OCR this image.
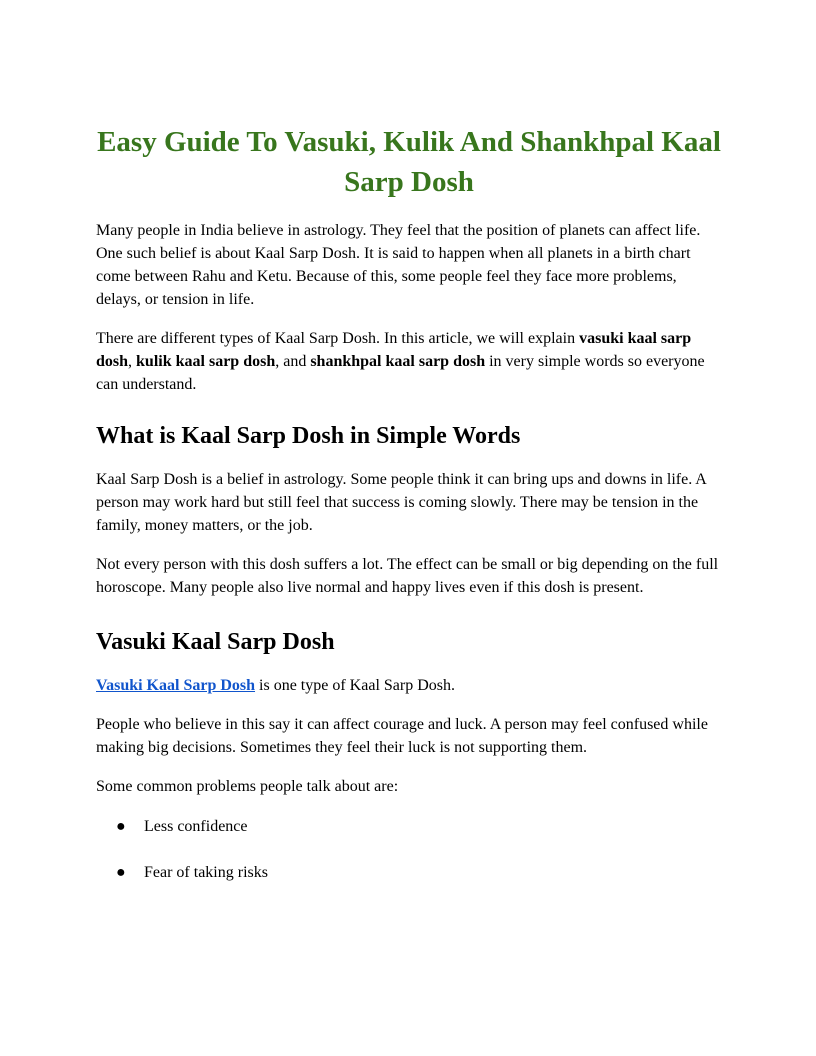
Easy Guide To Vasuki, Kulik And Shankhpal Kaal Sarp Dosh

Many people in India believe in astrology. They feel that the position of planets can affect life. One such belief is about Kaal Sarp Dosh. It is said to happen when all planets in a birth chart come between Rahu and Ketu. Because of this, some people feel they face more problems, delays, or tension in life.

There are different types of Kaal Sarp Dosh. In this article, we will explain vasuki kaal sarp dosh, kulik kaal sarp dosh, and shankhpal kaal sarp dosh in very simple words so everyone can understand.

What is Kaal Sarp Dosh in Simple Words

Kaal Sarp Dosh is a belief in astrology. Some people think it can bring ups and downs in life. A person may work hard but still feel that success is coming slowly. There may be tension in the family, money matters, or the job.

Not every person with this dosh suffers a lot. The effect can be small or big depending on the full horoscope. Many people also live normal and happy lives even if this dosh is present.

Vasuki Kaal Sarp Dosh

Vasuki Kaal Sarp Dosh is one type of Kaal Sarp Dosh.

People who believe in this say it can affect courage and luck. A person may feel confused while making big decisions. Sometimes they feel their luck is not supporting them.

Some common problems people talk about are:

● Less confidence
● Fear of taking risks
